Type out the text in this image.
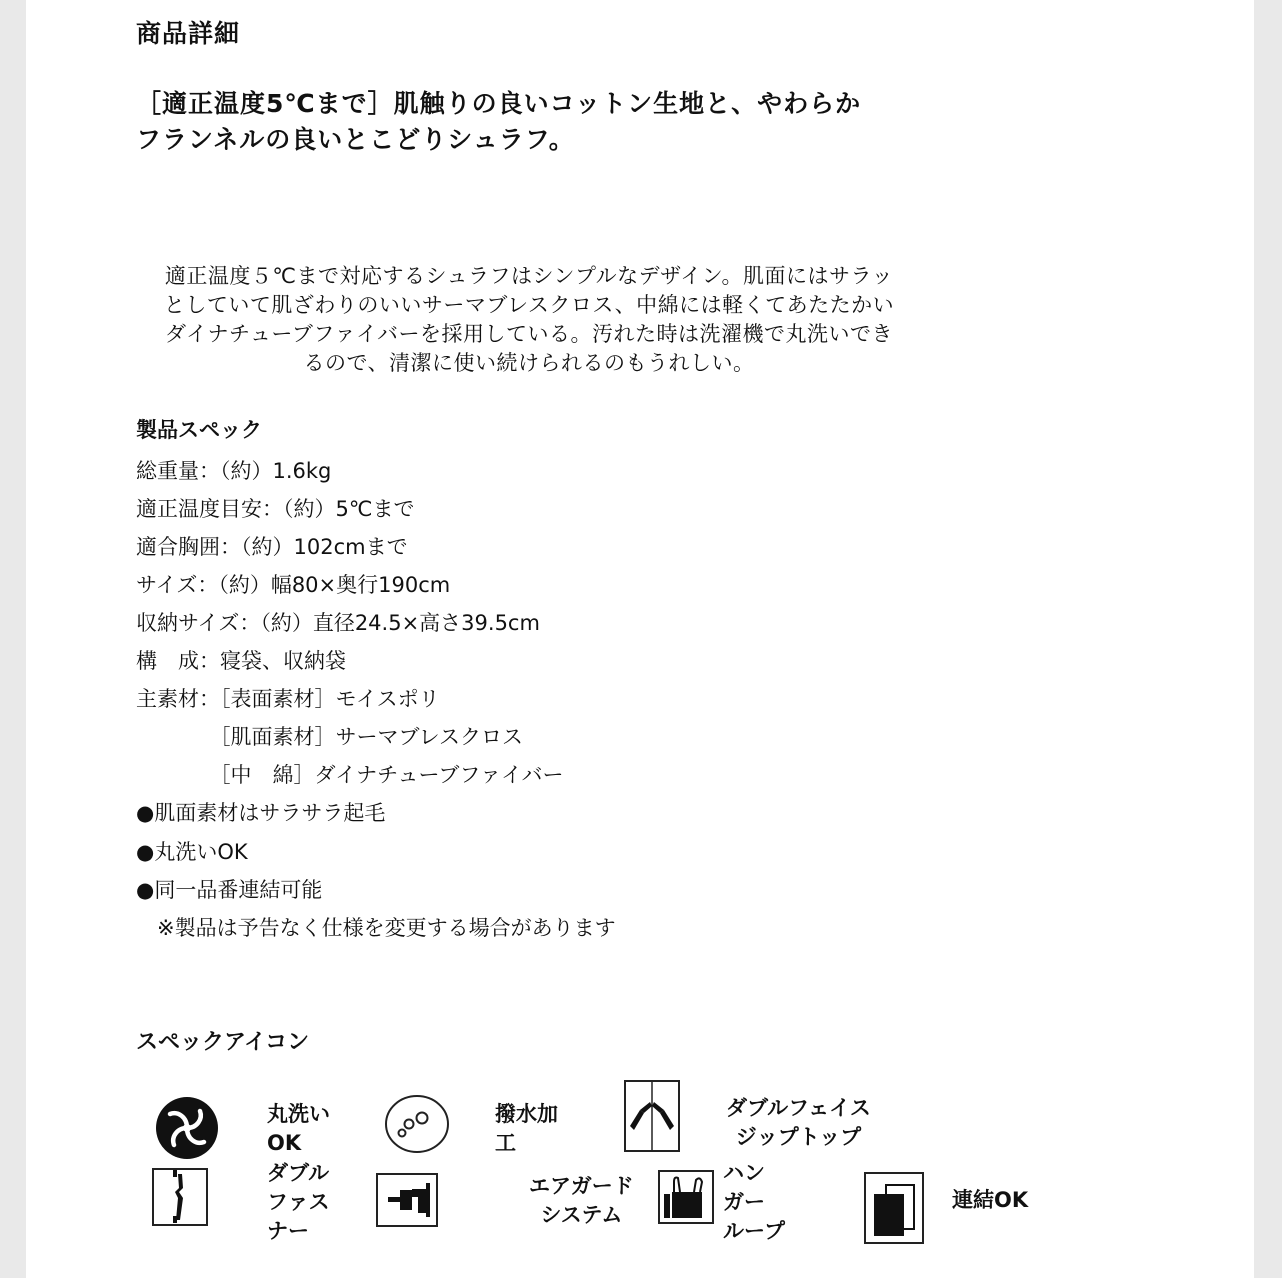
商品詳細
［適正温度5℃まで］肌触りの良いコットン生地と、やわらか
フランネルの良いとこどりシュラフ。
適正温度５℃まで対応するシュラフはシンプルなデザイン。肌面にはサラッ
としていて肌ざわりのいいサーマブレスクロス、中綿には軽くてあたたかい
ダイナチューブファイバーを採用している。汚れた時は洗濯機で丸洗いでき
るので、清潔に使い続けられるのもうれしい。
製品スペック
総重量：（約）1.6kg
適正温度目安：（約）5℃まで
適合胸囲：（約）102cmまで
サイズ：（約）幅80×奥行190cm
収納サイズ：（約）直径24.5×高さ39.5cm
構　成：寝袋、収納袋
主素材：［表面素材］モイスポリ
　　　　［肌面素材］サーマブレスクロス
　　　　［中　綿］ダイナチューブファイバー
●肌面素材はサラサラ起毛
●丸洗いOK
●同一品番連結可能
　※製品は予告なく仕様を変更する場合があります
スペックアイコン
丸洗い
OK
撥水加
工
ダブルフェイス
ジップトップ
ダブル
ファス
ナー
エアガード
システム
ハン
ガー
ループ
連結OK
